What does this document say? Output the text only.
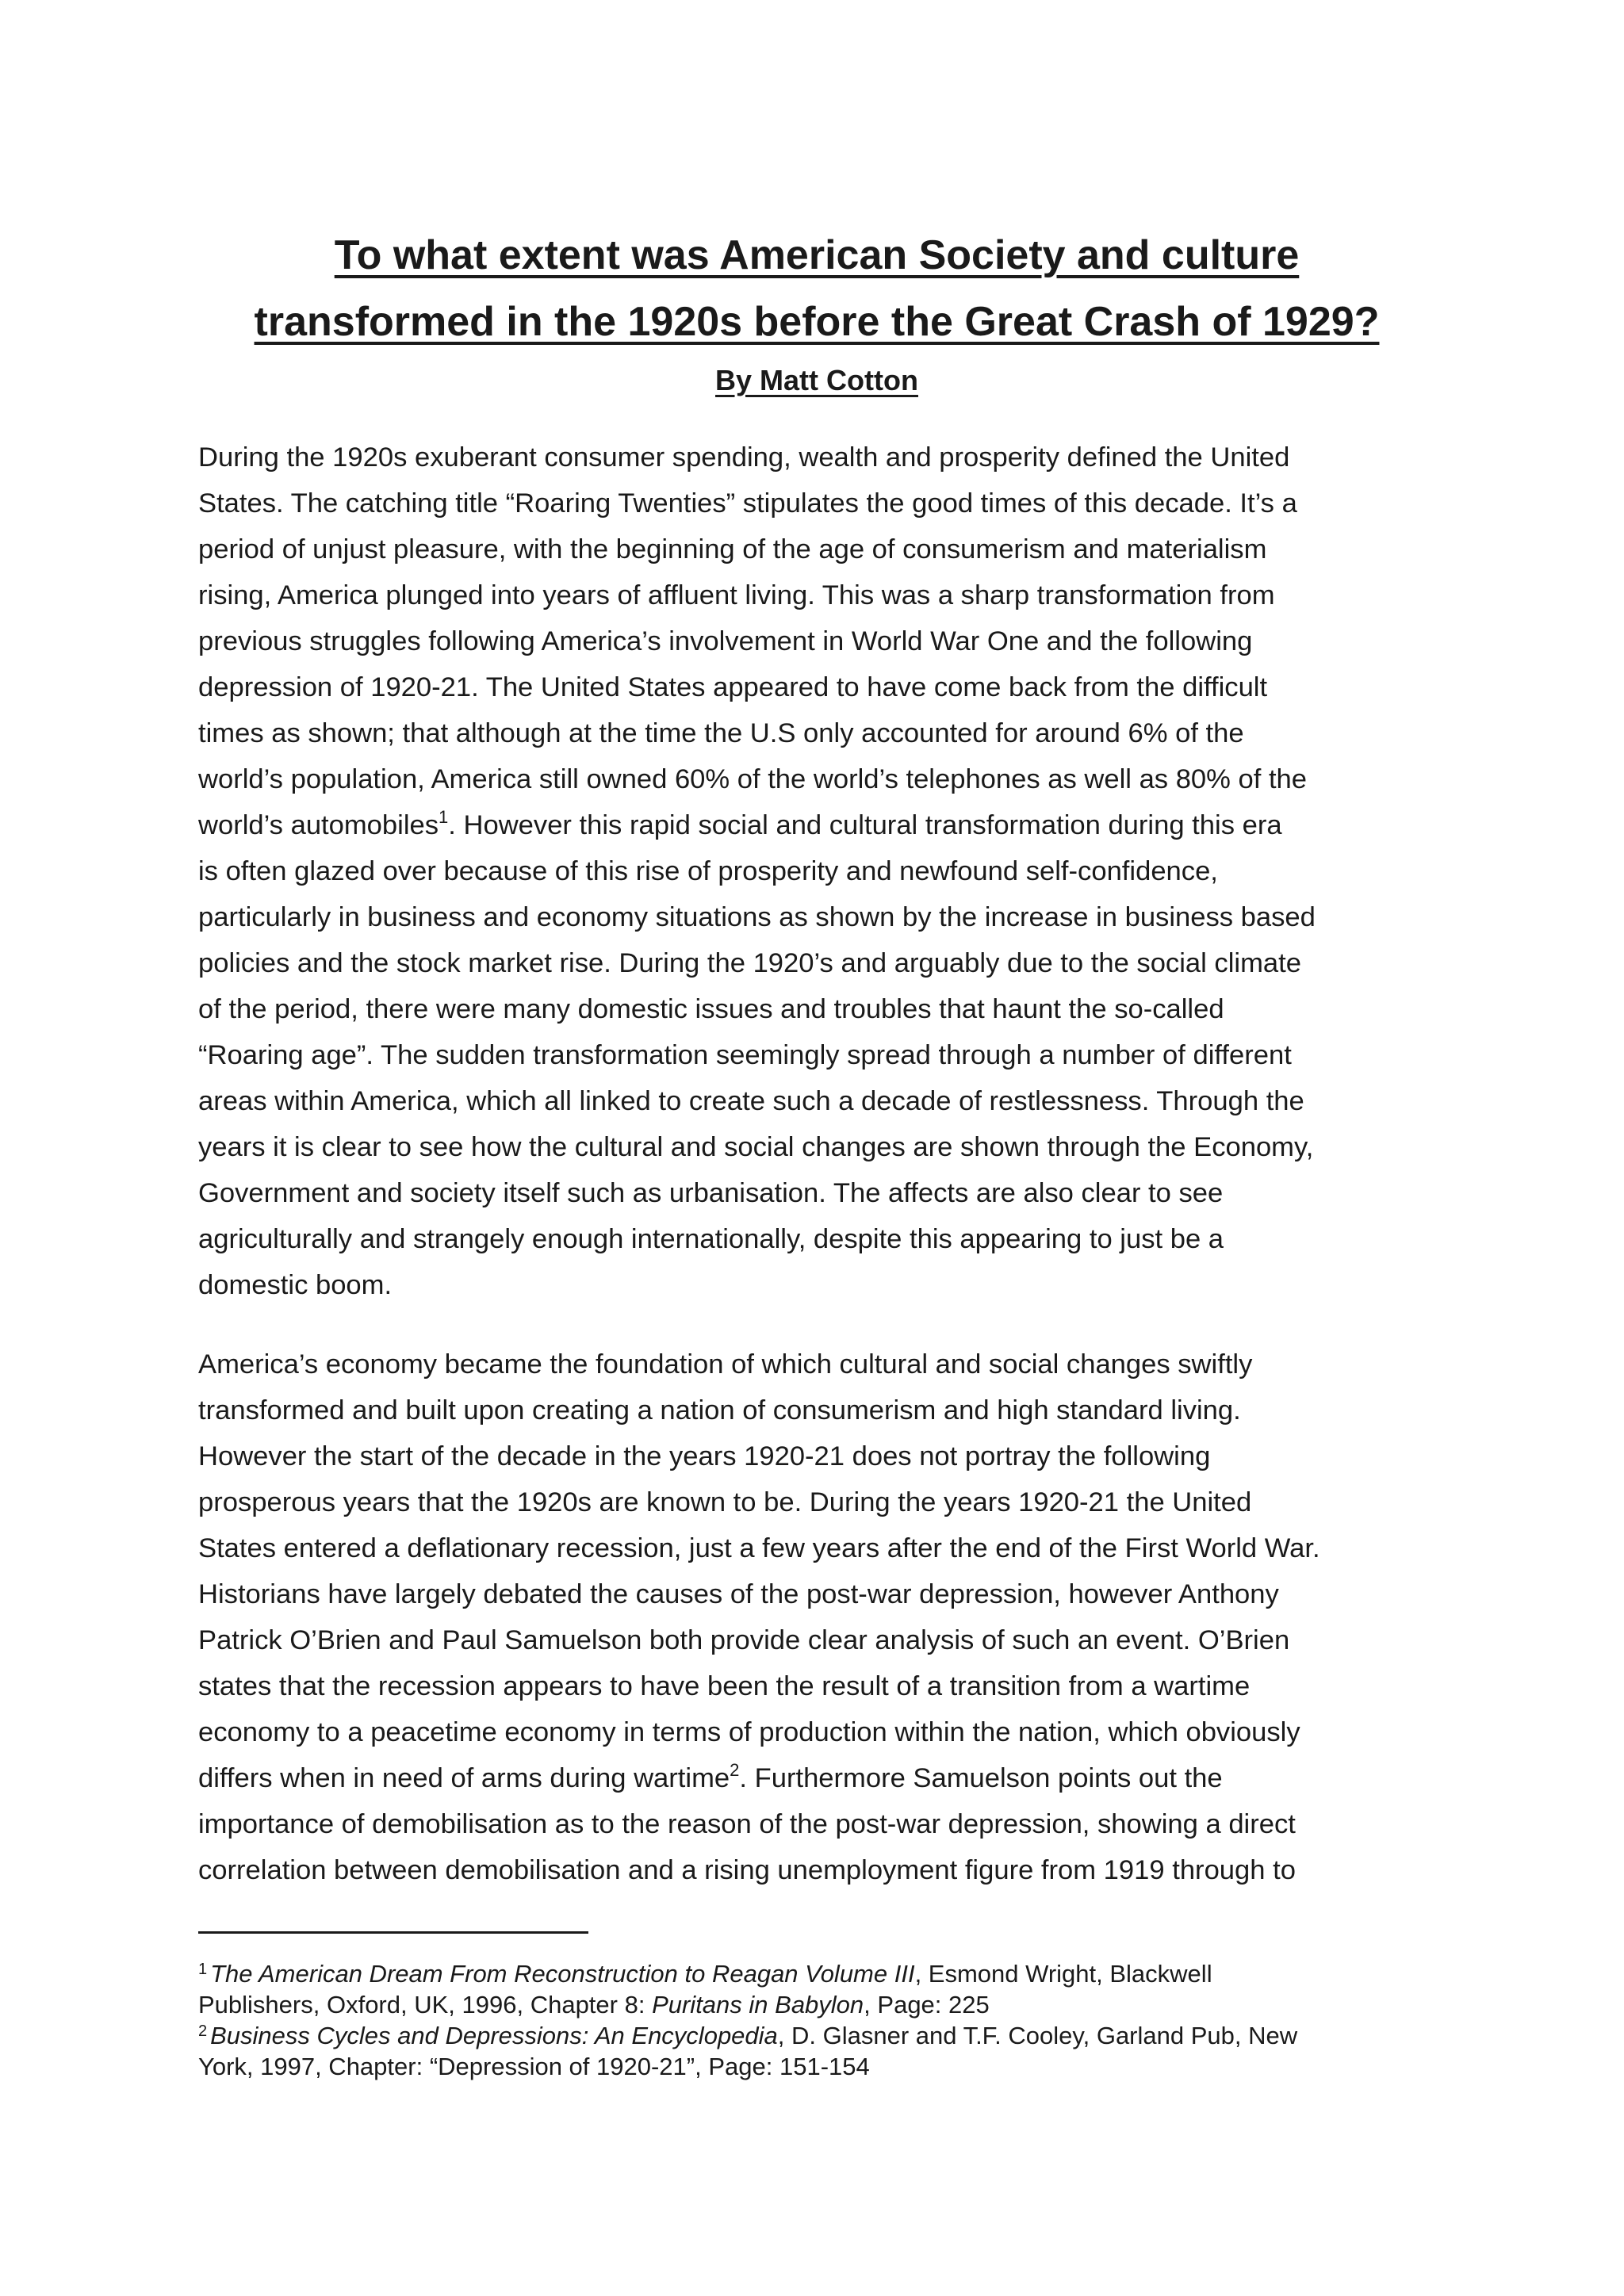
To what extent was American Society and culture
transformed in the 1920s before the Great Crash of 1929?
By Matt Cotton

During the 1920s exuberant consumer spending, wealth and prosperity defined the United
States. The catching title “Roaring Twenties” stipulates the good times of this decade. It’s a
period of unjust pleasure, with the beginning of the age of consumerism and materialism
rising, America plunged into years of affluent living. This was a sharp transformation from
previous struggles following America’s involvement in World War One and the following
depression of 1920-21. The United States appeared to have come back from the difficult
times as shown; that although at the time the U.S only accounted for around 6% of the
world’s population, America still owned 60% of the world’s telephones as well as 80% of the
world’s automobiles$^1$. However this rapid social and cultural transformation during this era
is often glazed over because of this rise of prosperity and newfound self-confidence,
particularly in business and economy situations as shown by the increase in business based
policies and the stock market rise. During the 1920’s and arguably due to the social climate
of the period, there were many domestic issues and troubles that haunt the so-called
“Roaring age”. The sudden transformation seemingly spread through a number of different
areas within America, which all linked to create such a decade of restlessness. Through the
years it is clear to see how the cultural and social changes are shown through the Economy,
Government and society itself such as urbanisation. The affects are also clear to see
agriculturally and strangely enough internationally, despite this appearing to just be a
domestic boom.

America’s economy became the foundation of which cultural and social changes swiftly
transformed and built upon creating a nation of consumerism and high standard living.
However the start of the decade in the years 1920-21 does not portray the following
prosperous years that the 1920s are known to be. During the years 1920-21 the United
States entered a deflationary recession, just a few years after the end of the First World War.
Historians have largely debated the causes of the post-war depression, however Anthony
Patrick O’Brien and Paul Samuelson both provide clear analysis of such an event. O’Brien
states that the recession appears to have been the result of a transition from a wartime
economy to a peacetime economy in terms of production within the nation, which obviously
differs when in need of arms during wartime$^2$. Furthermore Samuelson points out the
importance of demobilisation as to the reason of the post-war depression, showing a direct
correlation between demobilisation and a rising unemployment figure from 1919 through to

$^1$ The American Dream From Reconstruction to Reagan Volume III, Esmond Wright, Blackwell
Publishers, Oxford, UK, 1996, Chapter 8: Puritans in Babylon, Page: 225
$^2$ Business Cycles and Depressions: An Encyclopedia, D. Glasner and T.F. Cooley, Garland Pub, New
York, 1997, Chapter: “Depression of 1920-21”, Page: 151-154
